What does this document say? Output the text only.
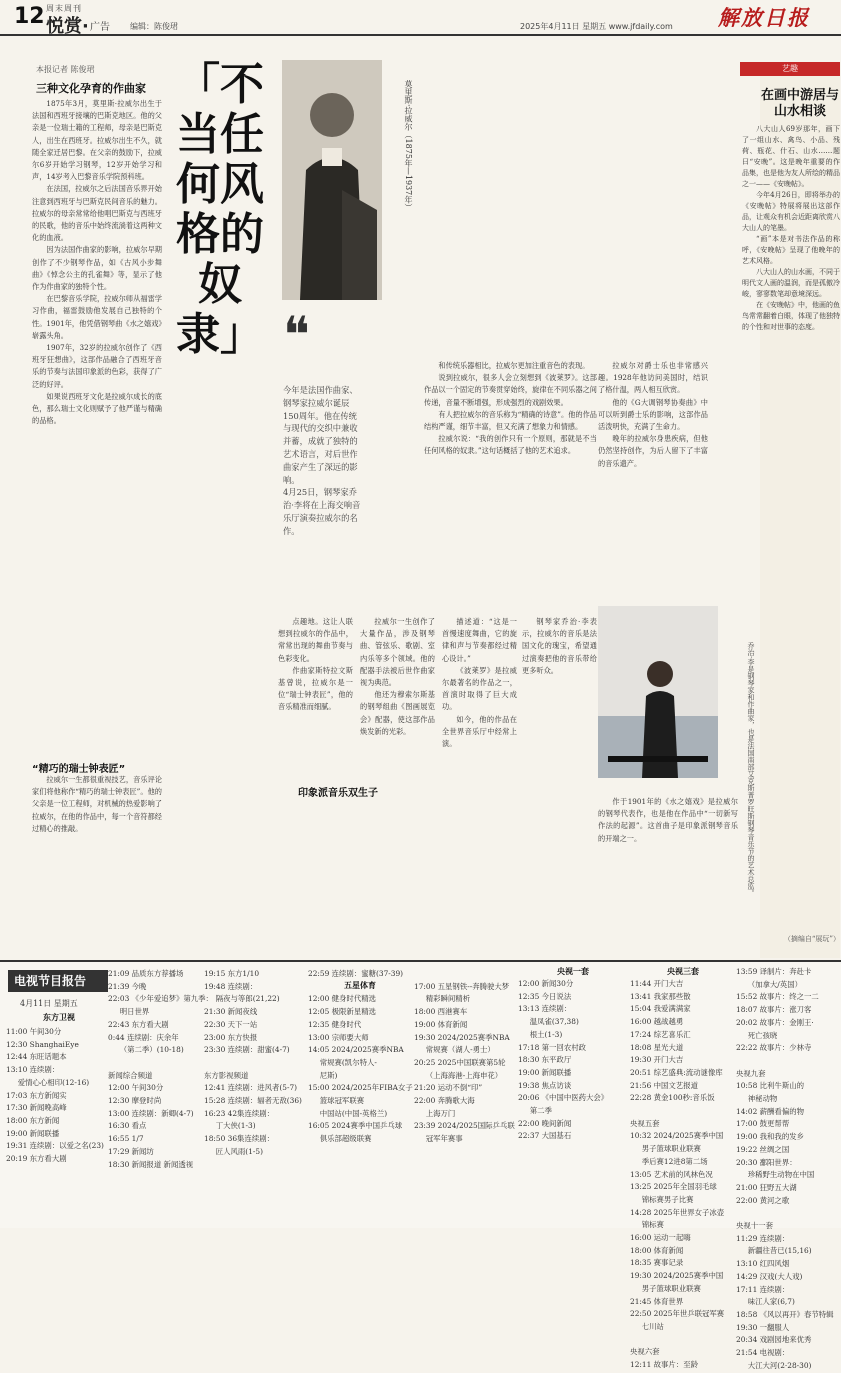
12 周末周刊
悦赏· 广告	编辑：陈俊珺	2025年4月11日 星期五 www.jfdaily.com 解放日报
本报记者 陈俊珺
三种文化孕育的作曲家

1875年3月，莫里斯·拉威尔出生于法国和西班牙接壤的巴斯克地区。他的父亲是一位瑞士籍的工程师，母亲是巴斯克人，出生在西班牙。拉威尔出生不久，就随全家迁居巴黎。在父亲的鼓励下，拉威尔6岁开始学习钢琴，12岁开始学习和声，14岁考入巴黎音乐学院预科班。

在法国，拉威尔之后法国音乐界开始注意到西班牙与巴斯克民间音乐的魅力。拉威尔的母亲常常给他唱巴斯克与西班牙的民歌，他的音乐中始终流淌着这两种文化的血液。

因为法国作曲家的影响，拉威尔早期创作了不少钢琴作品，如《古风小步舞曲》《悼念公主的孔雀舞》等，显示了他作为作曲家的独特个性。

在巴黎音乐学院，拉威尔师从福雷学习作曲，福雷鼓励他发展自己独特的个性。1901年，他凭借钢琴曲《水之嬉戏》崭露头角。

1907年，32岁的拉威尔创作了《西班牙狂想曲》，这部作品融合了西班牙音乐的节奏与法国印象派的色彩，获得了广泛的好评。

如果说西班牙文化是拉威尔成长的底色，那么瑞士文化则赋予了他严谨与精确的品格。

“精巧的瑞士钟表匠”

拉威尔一生都很重视技艺，音乐评论家们将他称作“精巧的瑞士钟表匠”。他的父亲是一位工程师，对机械的热爱影响了拉威尔，在他的作品中，每一个音符都经过精心的推敲。

「不当任何风格的奴隶」
莫里斯·拉威尔（1875年—1937年）
❝
今年是法国作曲家、钢琴家拉威尔诞辰150周年。他在传统与现代的交织中兼收并蓄，成就了独特的艺术语言，对后世作曲家产生了深远的影响。
4月25日，钢琴家乔治·李将在上海交响音乐厅演奏拉威尔的名作。

和传统乐器相比，拉威尔更加注重音色的表现。

说到拉威尔，很多人会立刻想到《波莱罗》。这部作品以一个固定的节奏贯穿始终，旋律在不同乐器之间传递，音量不断增强，形成强烈的戏剧效果。

有人把拉威尔的音乐称为“精确的诗意”。他的作品结构严谨，细节丰富，但又充满了想象力和情感。

拉威尔说：“我的创作只有一个原则，那就是不当任何风格的奴隶。”这句话概括了他的艺术追求。

拉威尔对爵士乐也非常感兴趣。1928年他访问美国时，结识了格什温，两人相互欣赏。

他的《G大调钢琴协奏曲》中可以听到爵士乐的影响，这部作品活泼明快，充满了生命力。

晚年的拉威尔身患疾病，但他仍然坚持创作，为后人留下了丰富的音乐遗产。

点趣地。这让人联想到拉威尔的作品中，常常出现的舞曲节奏与色彩变化。

作曲家斯特拉文斯基曾说，拉威尔是一位“瑞士钟表匠”，他的音乐精准而细腻。

拉威尔一生创作了大量作品，涉及钢琴曲、管弦乐、歌剧、室内乐等多个领域。他的配器手法被后世作曲家视为典范。

他还为穆索尔斯基的钢琴组曲《图画展览会》配器，使这部作品焕发新的光彩。

描述道：“这是一首慢速度舞曲，它的旋律和声与节奏都经过精心设计。”

《波莱罗》是拉威尔最著名的作品之一，首演时取得了巨大成功。

如今，他的作品在全世界音乐厅中经常上演。

钢琴家乔治·李表示，拉威尔的音乐是法国文化的瑰宝，希望通过演奏把他的音乐带给更多听众。	乔治·李是钢琴家和作曲家，也是法国南部艾克斯普罗旺斯钢琴音乐节的艺术总监。
印象派音乐双生子

作于1901年的《水之嬉戏》是拉威尔的钢琴代表作，也是他在作品中“一切新写作法的起源”。这首曲子是印象派钢琴音乐的开端之一。

艺趣
在画中游居与山水相谈

八大山人69岁那年，画下了一组山水、禽鸟、小品、残荷、瓶花、什石、山水……题曰“安晚”。这是晚年重要的作品集，也是他为友人所绘的精品之一——《安晚帖》。

今年4月26日，即将举办的《安晚帖》特展将展出这部作品，让观众有机会近距离欣赏八大山人的笔墨。

“画”本是对书法作品的称呼，《安晚帖》呈现了他晚年的艺术风格。

八大山人的山水画，不同于明代文人画的温润，而是孤傲冷峻，寥寥数笔却意境深远。

在《安晚帖》中，他画的鱼鸟常常翻着白眼，体现了他独特的个性和对世事的态度。

（摘编自“展玩”）
电视节目报告
4月11日 星期五
东方卫视
11:00 午间30分
12:30 ShanghaiEye
12:44 东旺话题本
13:10 连续剧：
爱情心心相印(12-16)
17:03 东方新闻实
17:30 新闻晚高峰
18:00 东方新闻
19:00 新闻联播
19:31 连续剧：以爱之名(23)
20:19 东方看大剧
21:09 品质东方荐播场
21:39 今晚
22:03 《少年爱追梦》第九季：
明日世界
22:43 东方看大剧
0:44 连续剧：庆余年
（第二季）(10-18)

新闻综合频道
12:00 午间30分
12:30 摩登时尚
13:00 连续剧：新卿(4-7)
16:30 看点
16:55 1/7
17:29 新闻坊
18:30 新闻报道 新闻透视
19:15 东方1/10
19:48 连续剧：
隔夜与等郎(21,22)
21:30 新闻夜线
22:30 天下一站
23:00 东方快报
23:30 连续剧：甜蜜(4-7)

东方影视频道
12:41 连续剧：进风者(5-7)
15:28 连续剧：辐者无敌(36)
16:23 42集连续剧：
丁大侠(1-3)
18:50 36集连续剧：
匠人风雨(1-5)
五星体育
22:59 连续剧：蜜糖(37-39)

12:00 健身时代精选
12:05 极限新星精选
12:35 健身时代
13:00 宗师要大师
14:05 2024/2025赛季NBA
常规赛(凯尔特人-
尼斯)
15:00 2024/2025年FIBA女子
篮球冠军联赛
中国站(中国-英格兰)
16:05 2024赛季中国乒乓球
俱乐部超级联赛

17:00 五星钢铁--奔腾驶大梦
精彩瞬间精析
18:00 西港赛车
19:00 体育新闻
19:30 2024/2025赛季NBA
常规赛（湖人-勇士）
20:25 2025中国联赛第5轮
（上海海港-上海申花）
21:20 运动不倒“印”
22:00 奔腾歌大海
上海万门
23:39 2024/2025国际乒乓联
冠军年赛事
央视一套
12:00 新闻30分
12:35 今日说法
13:13 连续剧：
温凤雀(37,38)
根土(1-3)
17:18 第一回农村政
18:30 东平政厅
19:00 新闻联播
19:38 焦点访谈
20:06 《中国中医药大会》
第二季
22:00 晚间新闻
22:37 大国基石
央视三套
11:44 开门大吉
13:41 我家那些散
15:04 我爱满满家
16:00 越战越勇
17:24 综艺喜乐汇
18:08 星光大道
19:30 开门大吉
20:51 综艺盛典:流动谜像库
21:56 中国文艺报道
22:28 黄金100秒:音乐饭

央视五套
10:32 2024/2025赛季中国
男子篮球职业联赛
季后赛12进8第二场
13:05 艺术前的风林色况
13:25 2025年全国羽毛球
锦标赛男子比赛
14:28 2025年世界女子冰壶
锦标赛
16:00 运动一起嗨
18:00 体育新闻
18:35 赛事记录
19:30 2024/2025赛季中国
男子篮球职业联赛
21:45 体育世界
22:50 2025年世乒联冠军赛
七川站

央视六套
12:11 故事片：至龄
13:59 译制片：奔赴卡
（加拿大/英国）
15:52 故事片：终之一二
18:07 故事片：涨刀客
20:02 故事片：金刚王·
死亡孩晓
22:22 故事片：少林寺

央视九套
10:58 比利牛斯山的
神秘动物
14:02 薪酬看偏的物
17:00 鼓更帮帮
19:00 我和我的发乡
19:22 丝绸之国
20:30 鄱阳世界：
珍稀野生动物在中国
21:00 狂野五大湖
22:00 黄河之歌

央视十一套
11:29 连续剧：
新疆往昔已(15,16)
13:10 红四风烟
14:29 汉戏(大人戏)
17:11 连续剧：
味江人家(6,7)
18:58 《风以再开》春节特辑
19:30 一翻服人
20:34 戏剧园地来优秀
21:54 电视剧：
大江大河(2·28-30)
